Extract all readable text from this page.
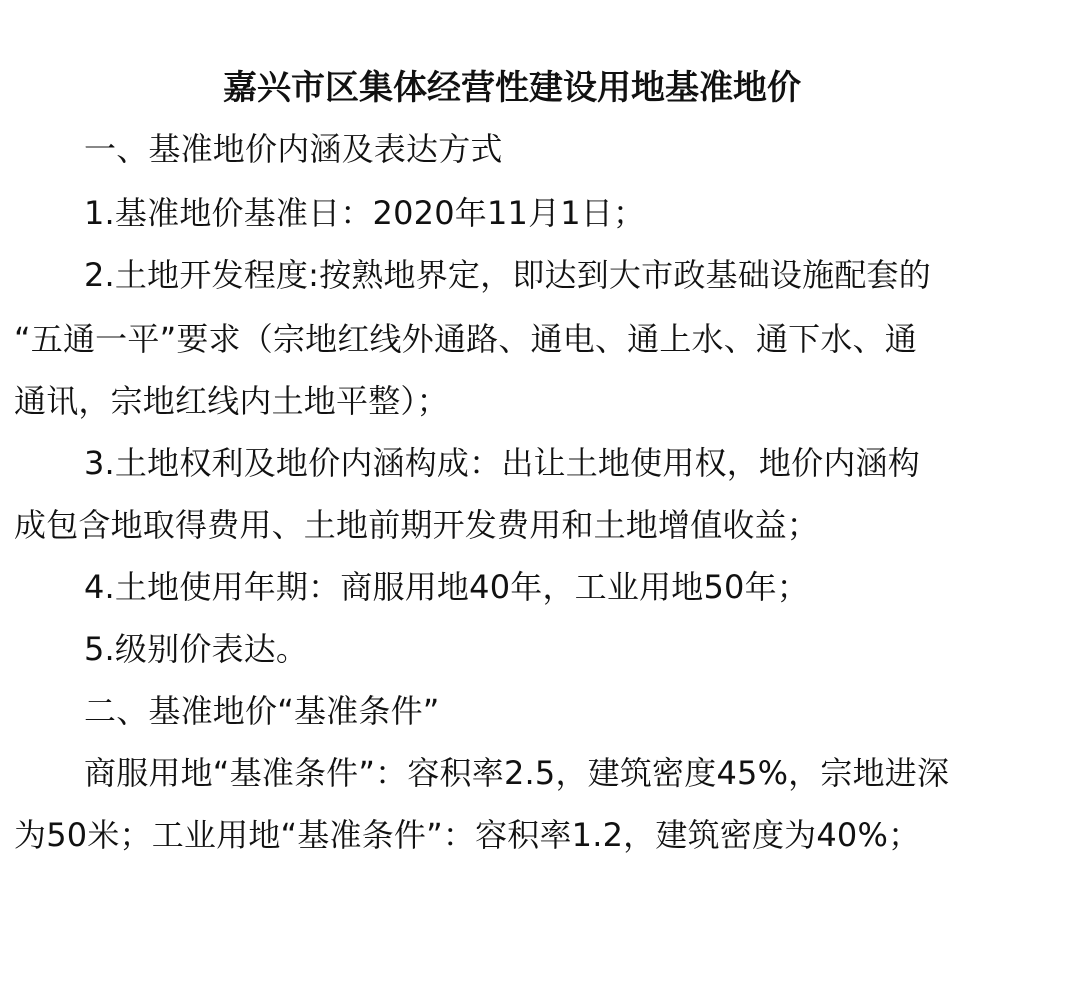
嘉兴市区集体经营性建设用地基准地价
一、基准地价内涵及表达方式
1.基准地价基准日：2020年11月1日；
2.土地开发程度:按熟地界定，即达到大市政基础设施配套的
“五通一平”要求（宗地红线外通路、通电、通上水、通下水、通
通讯，宗地红线内土地平整）；
3.土地权利及地价内涵构成：出让土地使用权，地价内涵构
成包含地取得费用、土地前期开发费用和土地增值收益；
4.土地使用年期：商服用地40年，工业用地50年；
5.级别价表达。
二、基准地价“基准条件”
商服用地“基准条件”：容积率2.5，建筑密度45%，宗地进深
为50米；工业用地“基准条件”：容积率1.2，建筑密度为40%；
